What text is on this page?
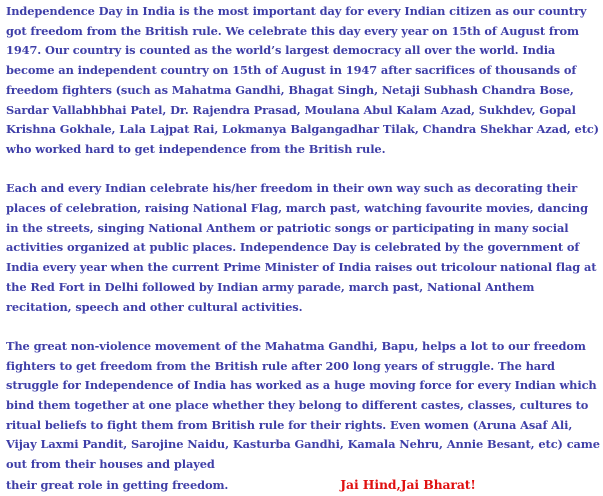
Independence Day in India is the most important day for every Indian citizen as our country got freedom from the British rule. We celebrate this day every year on 15th of August from 1947. Our country is counted as the world’s largest democracy all over the world. India become an independent country on 15th of August in 1947 after sacrifices of thousands of freedom fighters (such as Mahatma Gandhi, Bhagat Singh, Netaji Subhash Chandra Bose, Sardar Vallabhbhai Patel, Dr. Rajendra Prasad, Moulana Abul Kalam Azad, Sukhdev, Gopal Krishna Gokhale, Lala Lajpat Rai, Lokmanya Balgangadhar Tilak, Chandra Shekhar Azad, etc) who worked hard to get independence from the British rule.

Each and every Indian celebrate his/her freedom in their own way such as decorating their places of celebration, raising National Flag, march past, watching favourite movies, dancing in the streets, singing National Anthem or patriotic songs or participating in many social activities organized at public places. Independence Day is celebrated by the government of India every year when the current Prime Minister of India raises out tricolour national flag at the Red Fort in Delhi followed by Indian army parade, march past, National Anthem recitation, speech and other cultural activities.

The great non-violence movement of the Mahatma Gandhi, Bapu, helps a lot to our freedom fighters to get freedom from the British rule after 200 long years of struggle. The hard struggle for Independence of India has worked as a huge moving force for every Indian which bind them together at one place whether they belong to different castes, classes, cultures to ritual beliefs to fight them from British rule for their rights. Even women (Aruna Asaf Ali, Vijay Laxmi Pandit, Sarojine Naidu, Kasturba Gandhi, Kamala Nehru, Annie Besant, etc) came out from their houses and played their great role in getting freedom.	Jai Hind,Jai Bharat!
